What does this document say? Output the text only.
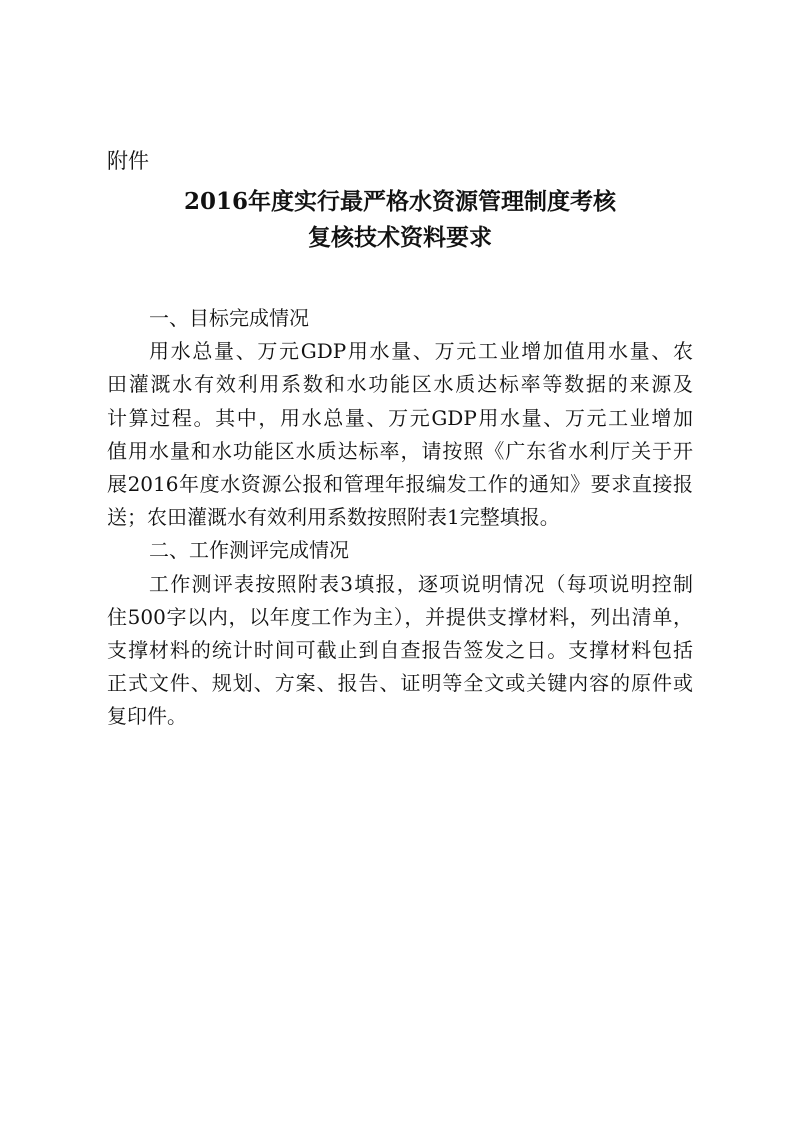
附件
2016年度实行最严格水资源管理制度考核
复核技术资料要求
一、目标完成情况
用水总量、万元GDP用水量、万元工业增加值用水量、农
田灌溉水有效利用系数和水功能区水质达标率等数据的来源及
计算过程。其中，用水总量、万元GDP用水量、万元工业增加
值用水量和水功能区水质达标率，请按照《广东省水利厅关于开
展2016年度水资源公报和管理年报编发工作的通知》要求直接报
送；农田灌溉水有效利用系数按照附表1完整填报。
二、工作测评完成情况
工作测评表按照附表3填报，逐项说明情况（每项说明控制
住500字以内，以年度工作为主），并提供支撑材料，列出清单，
支撑材料的统计时间可截止到自查报告签发之日。支撑材料包括
正式文件、规划、方案、报告、证明等全文或关键内容的原件或
复印件。
